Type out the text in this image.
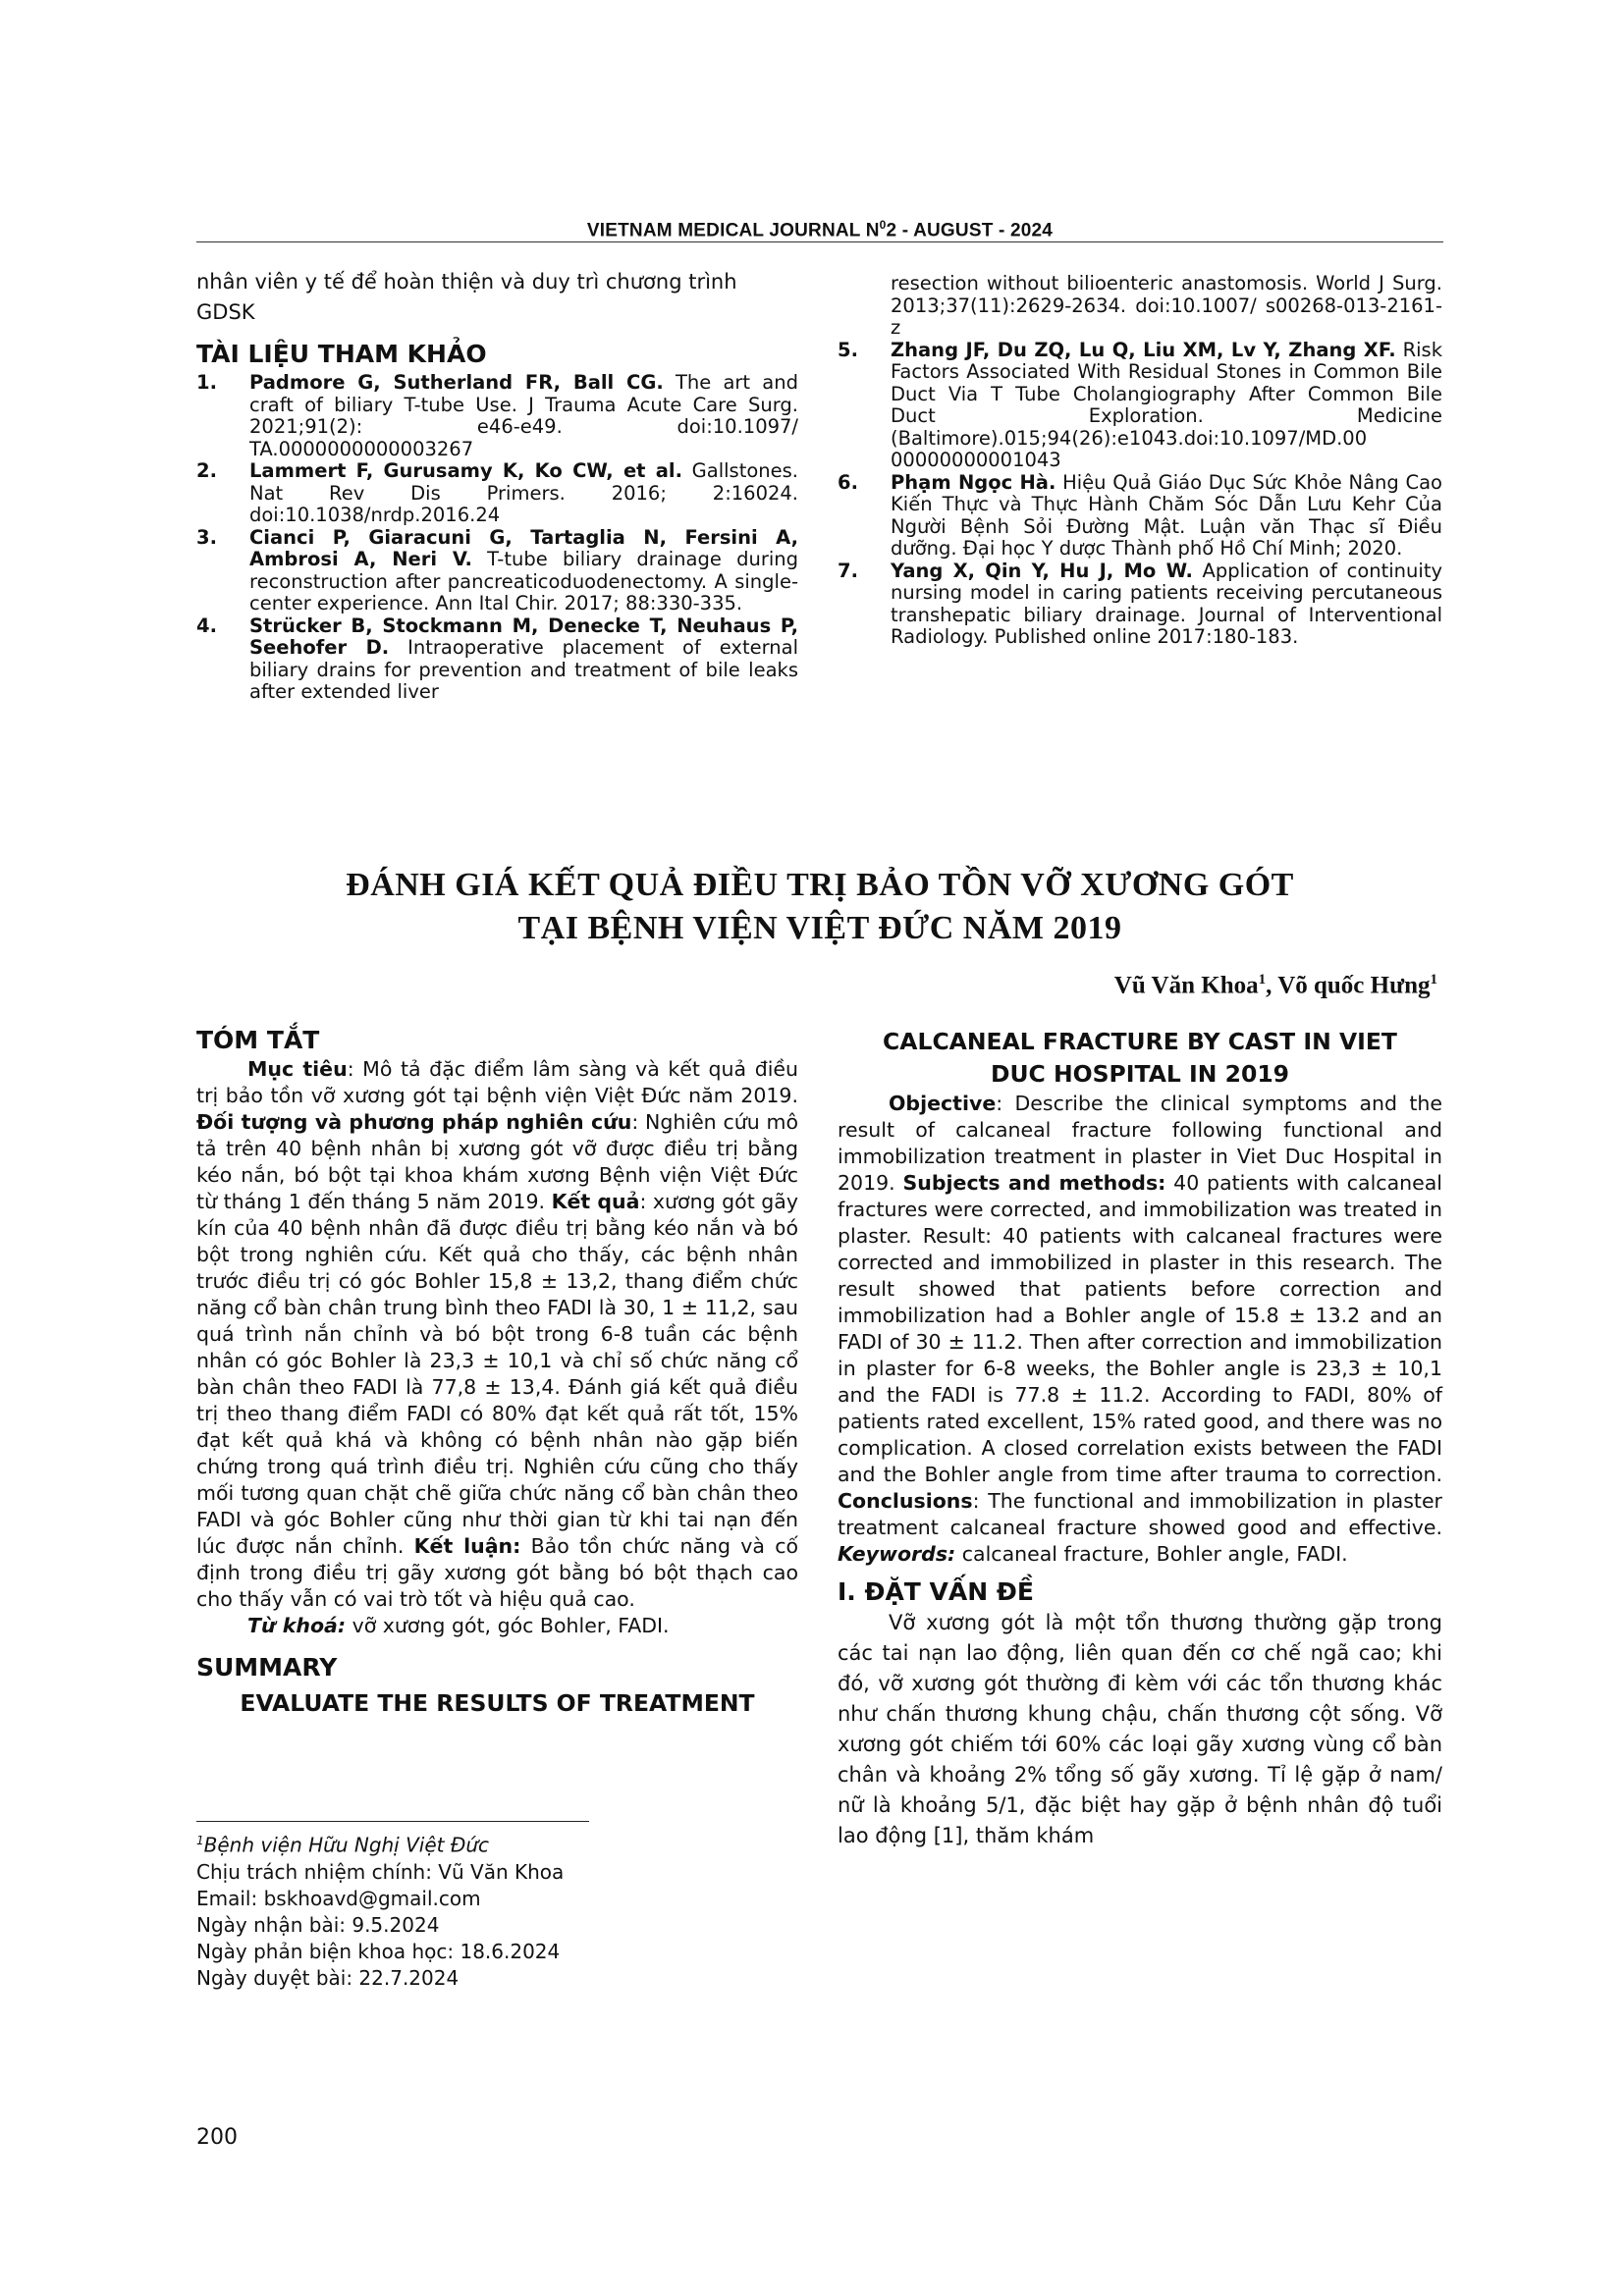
VIETNAM MEDICAL JOURNAL $N^02$ - AUGUST - 2024

nhân viên y tế để hoàn thiện và duy trì chương trình GDSK

TÀI LIỆU THAM KHẢO

1. Padmore G, Sutherland FR, Ball CG. The art and craft of biliary T-tube Use. J Trauma Acute Care Surg. 2021;91(2): e46-e49. doi:10.1097/ TA.0000000000003267
2. Lammert F, Gurusamy K, Ko CW, et al. Gallstones. Nat Rev Dis Primers. 2016; 2:16024. doi:10.1038/nrdp.2016.24
3. Cianci P, Giaracuni G, Tartaglia N, Fersini A, Ambrosi A, Neri V. T-tube biliary drainage during reconstruction after pancreaticoduodenectomy. A single-center experience. Ann Ital Chir. 2017; 88:330-335.
4. Strücker B, Stockmann M, Denecke T, Neuhaus P, Seehofer D. Intraoperative placement of external biliary drains for prevention and treatment of bile leaks after extended liver
resection without bilioenteric anastomosis. World J Surg. 2013;37(11):2629-2634. doi:10.1007/ s00268-013-2161-z
5. Zhang JF, Du ZQ, Lu Q, Liu XM, Lv Y, Zhang XF. Risk Factors Associated With Residual Stones in Common Bile Duct Via T Tube Cholangiography After Common Bile Duct Exploration. Medicine (Baltimore).015;94(26):e1043.doi:10.1097/MD.00 00000000001043
6. Phạm Ngọc Hà. Hiệu Quả Giáo Dục Sức Khỏe Nâng Cao Kiến Thực và Thực Hành Chăm Sóc Dẫn Lưu Kehr Của Người Bệnh Sỏi Đường Mật. Luận văn Thạc sĩ Điều dưỡng. Đại học Y dược Thành phố Hồ Chí Minh; 2020.
7. Yang X, Qin Y, Hu J, Mo W. Application of continuity nursing model in caring patients receiving percutaneous transhepatic biliary drainage. Journal of Interventional Radiology. Published online 2017:180-183.
ĐÁNH GIÁ KẾT QUẢ ĐIỀU TRỊ BẢO TỒN VỠ XƯƠNG GÓT
TẠI BỆNH VIỆN VIỆT ĐỨC NĂM 2019
Vũ Văn Khoa$^1$, Võ quốc Hưng$^1$

TÓM TẮT

Mục tiêu: Mô tả đặc điểm lâm sàng và kết quả điều trị bảo tồn vỡ xương gót tại bệnh viện Việt Đức năm 2019. Đối tượng và phương pháp nghiên cứu: Nghiên cứu mô tả trên 40 bệnh nhân bị xương gót vỡ được điều trị bằng kéo nắn, bó bột tại khoa khám xương Bệnh viện Việt Đức từ tháng 1 đến tháng 5 năm 2019. Kết quả: xương gót gãy kín của 40 bệnh nhân đã được điều trị bằng kéo nắn và bó bột trong nghiên cứu. Kết quả cho thấy, các bệnh nhân trước điều trị có góc Bohler 15,8 ± 13,2, thang điểm chức năng cổ bàn chân trung bình theo FADI là 30, 1 ± 11,2, sau quá trình nắn chỉnh và bó bột trong 6-8 tuần các bệnh nhân có góc Bohler là 23,3 ± 10,1 và chỉ số chức năng cổ bàn chân theo FADI là 77,8 ± 13,4. Đánh giá kết quả điều trị theo thang điểm FADI có 80% đạt kết quả rất tốt, 15% đạt kết quả khá và không có bệnh nhân nào gặp biến chứng trong quá trình điều trị. Nghiên cứu cũng cho thấy mối tương quan chặt chẽ giữa chức năng cổ bàn chân theo FADI và góc Bohler cũng như thời gian từ khi tai nạn đến lúc được nắn chỉnh. Kết luận: Bảo tồn chức năng và cố định trong điều trị gãy xương gót bằng bó bột thạch cao cho thấy vẫn có vai trò tốt và hiệu quả cao.

Từ khoá: vỡ xương gót, góc Bohler, FADI.

SUMMARY

EVALUATE THE RESULTS OF TREATMENT

CALCANEAL FRACTURE BY CAST IN VIET

DUC HOSPITAL IN 2019

Objective: Describe the clinical symptoms and the result of calcaneal fracture following functional and immobilization treatment in plaster in Viet Duc Hospital in 2019. Subjects and methods: 40 patients with calcaneal fractures were corrected, and immobilization was treated in plaster. Result: 40 patients with calcaneal fractures were corrected and immobilized in plaster in this research. The result showed that patients before correction and immobilization had a Bohler angle of 15.8 ± 13.2 and an FADI of 30 ± 11.2. Then after correction and immobilization in plaster for 6-8 weeks, the Bohler angle is 23,3 ± 10,1 and the FADI is 77.8 ± 11.2. According to FADI, 80% of patients rated excellent, 15% rated good, and there was no complication. A closed correlation exists between the FADI and the Bohler angle from time after trauma to correction. Conclusions: The functional and immobilization in plaster treatment calcaneal fracture showed good and effective. Keywords: calcaneal fracture, Bohler angle, FADI.

I. ĐẶT VẤN ĐỀ

Vỡ xương gót là một tổn thương thường gặp trong các tai nạn lao động, liên quan đến cơ chế ngã cao; khi đó, vỡ xương gót thường đi kèm với các tổn thương khác như chấn thương khung chậu, chấn thương cột sống. Vỡ xương gót chiếm tới 60% các loại gãy xương vùng cổ bàn chân và khoảng 2% tổng số gãy xương. Tỉ lệ gặp ở nam/ nữ là khoảng 5/1, đặc biệt hay gặp ở bệnh nhân độ tuổi lao động [1], thăm khám

$^1$Bệnh viện Hữu Nghị Việt Đức
Chịu trách nhiệm chính: Vũ Văn Khoa
Email: bskhoavd@gmail.com
Ngày nhận bài: 9.5.2024
Ngày phản biện khoa học: 18.6.2024
Ngày duyệt bài: 22.7.2024
200
